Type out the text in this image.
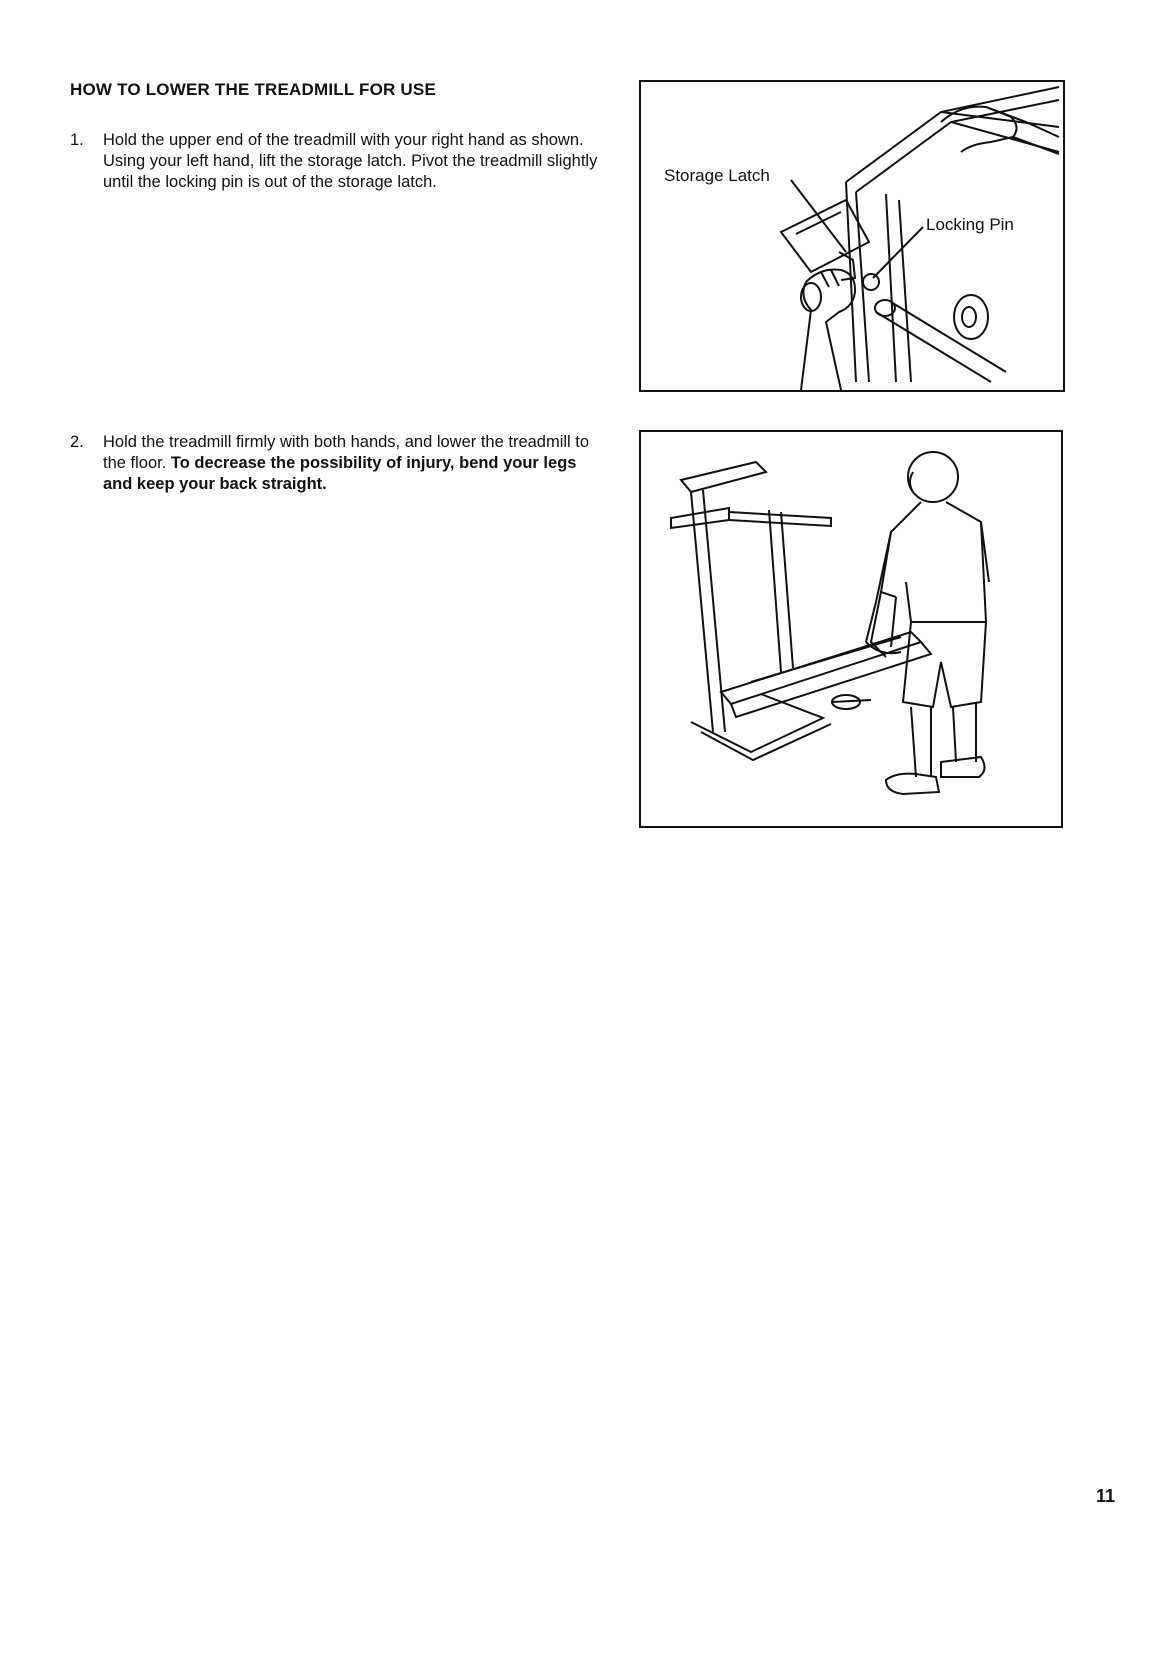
HOW TO LOWER THE TREADMILL FOR USE
1.	Hold the upper end of the treadmill with your right hand as shown. Using your left hand, lift the storage latch. Pivot the treadmill slightly until the locking pin is out of the storage latch.
2.	Hold the treadmill firmly with both hands, and lower the treadmill to the floor. To decrease the possibility of injury, bend your legs and keep your back straight.
Storage Latch
Locking Pin
11
